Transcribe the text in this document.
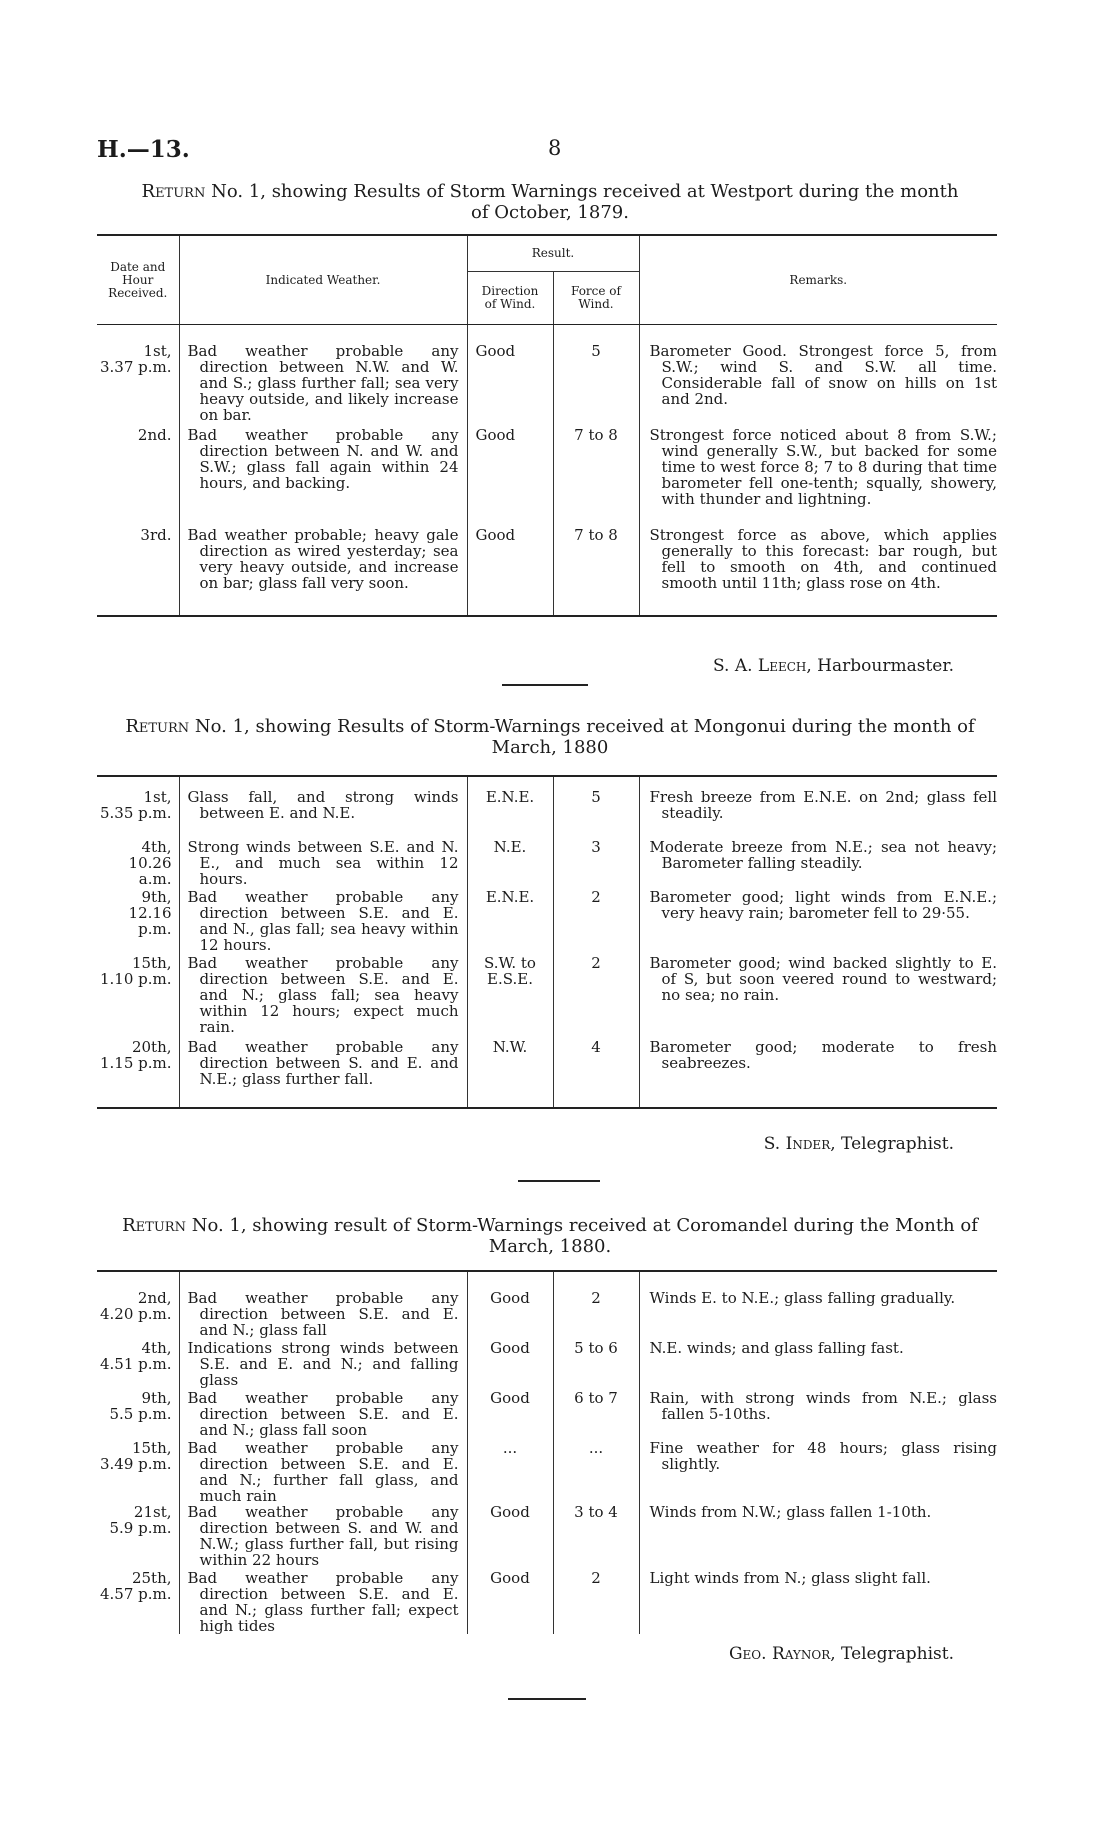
H.—13.	8
Return No. 1, showing Results of Storm Warnings received at Westport during the month
of October, 1879.
Date and Hour Received.	Indicated Weather.	Result.		Remarks.
		Direction of Wind.	Force of Wind.	

1st,
3.37 p.m.	Bad weather probable any direction between N.W. and W. and S.; glass further fall; sea very heavy outside, and likely increase on bar.	Good	5	Barometer Good. Strongest force 5, from S.W.; wind S. and S.W. all time. Considerable fall of snow on hills on 1st and 2nd.

2nd.	Bad weather probable any direction between N. and W. and S.W.; glass fall again within 24 hours, and backing.	Good	7 to 8	Strongest force noticed about 8 from S.W.; wind generally S.W., but backed for some time to west force 8; 7 to 8 during that time barometer fell one-tenth; squally, showery, with thunder and lightning.

3rd.	Bad weather probable; heavy gale direction as wired yesterday; sea very heavy outside, and increase on bar; glass fall very soon.	Good	7 to 8	Strongest force as above, which applies generally to this forecast: bar rough, but fell to smooth on 4th, and continued smooth until 11th; glass rose on 4th.
S. A. Leech, Harbourmaster.
Return No. 1, showing Results of Storm-Warnings received at Mongonui during the month of
March, 1880

1st,
5.35 p.m.	Glass fall, and strong winds between E. and N.E.	E.N.E.	5	Fresh breeze from E.N.E. on 2nd; glass fell steadily.

4th,
10.26 a.m.	Strong winds between S.E. and N. E., and much sea within 12 hours.	N.E.	3	Moderate breeze from N.E.; sea not heavy; Barometer falling steadily.

9th,
12.16 p.m.	Bad weather probable any direction between S.E. and E. and N., glas fall; sea heavy within 12 hours.	E.N.E.	2	Barometer good; light winds from E.N.E.; very heavy rain; barometer fell to 29·55.

15th,
1.10 p.m.	Bad weather probable any direction between S.E. and E. and N.; glass fall; sea heavy within 12 hours; expect much rain.	S.W. to E.S.E.	2	Barometer good; wind backed slightly to E. of S, but soon veered round to westward; no sea; no rain.

20th,
1.15 p.m.	Bad weather probable any direction between S. and E. and N.E.; glass further fall.	N.W.	4	Barometer good; moderate to fresh seabreezes.
S. Inder, Telegraphist.
Return No. 1, showing result of Storm-Warnings received at Coromandel during the Month of
March, 1880.

2nd,
4.20 p.m.	Bad weather probable any direction between S.E. and E. and N.; glass fall	Good	2	Winds E. to N.E.; glass falling gradually.

4th,
4.51 p.m.	Indications strong winds between S.E. and E. and N.; and falling glass	Good	5 to 6	N.E. winds; and glass falling fast.

9th,
5.5 p.m.	Bad weather probable any direction between S.E. and E. and N.; glass fall soon	Good	6 to 7	Rain, with strong winds from N.E.; glass fallen 5-10ths.

15th,
3.49 p.m.	Bad weather probable any direction between S.E. and E. and N.; further fall glass, and much rain	...	...	Fine weather for 48 hours; glass rising slightly.

21st,
5.9 p.m.	Bad weather probable any direction between S. and W. and N.W.; glass further fall, but rising within 22 hours	Good	3 to 4	Winds from N.W.; glass fallen 1-10th.

25th,
4.57 p.m.	Bad weather probable any direction between S.E. and E. and N.; glass further fall; expect high tides	Good	2	Light winds from N.; glass slight fall.
Geo. Raynor, Telegraphist.
